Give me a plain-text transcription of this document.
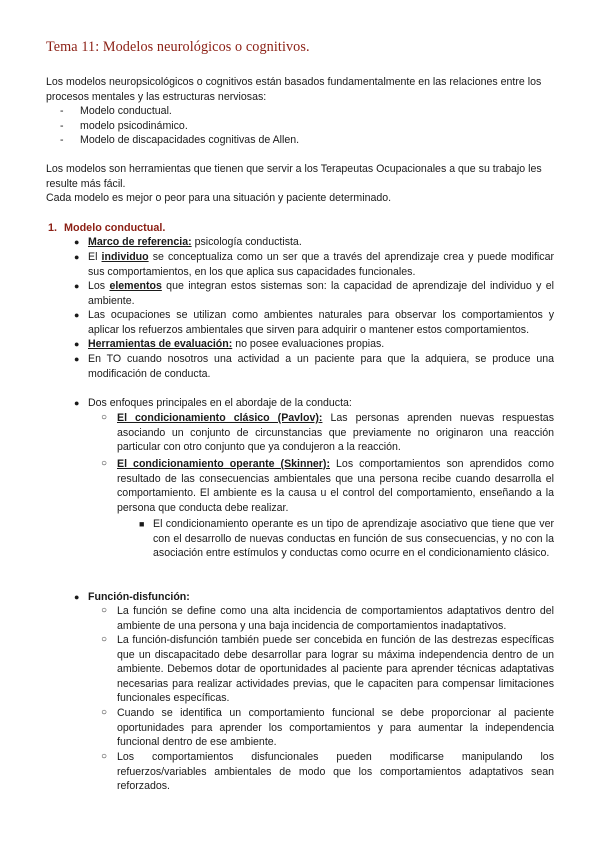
Tema 11: Modelos neurológicos o cognitivos.

Los modelos neuropsicológicos o cognitivos están basados fundamentalmente en las relaciones entre los procesos mentales y las estructuras nerviosas:

- Modelo conductual.
- modelo psicodinámico.
- Modelo de discapacidades cognitivas de Allen.

Los modelos son herramientas que tienen que servir a los Terapeutas Ocupacionales a que su trabajo les resulte más fácil.

Cada modelo es mejor o peor para una situación y paciente determinado.

1. Modelo conductual.
● Marco de referencia: psicología conductista.
● El individuo se conceptualiza como un ser que a través del aprendizaje crea y puede modificar sus comportamientos, en los que aplica sus capacidades funcionales.
● Los elementos que integran estos sistemas son: la capacidad de aprendizaje del individuo y el ambiente.
● Las ocupaciones se utilizan como ambientes naturales para observar los comportamientos y aplicar los refuerzos ambientales que sirven para adquirir o mantener estos comportamientos.
● Herramientas de evaluación: no posee evaluaciones propias.
● En TO cuando nosotros una actividad a un paciente para que la adquiera, se produce una modificación de conducta.
● Dos enfoques principales en el abordaje de la conducta:
○ El condicionamiento clásico (Pavlov): Las personas aprenden nuevas respuestas asociando un conjunto de circunstancias que previamente no originaron una reacción particular con otro conjunto que ya condujeron a la reacción.
○ El condicionamiento operante (Skinner): Los comportamientos son aprendidos como resultado de las consecuencias ambientales que una persona recibe cuando desarrolla el comportamiento. El ambiente es la causa u el control del comportamiento, enseñando a la persona que conducta debe realizar.
■ El condicionamiento operante es un tipo de aprendizaje asociativo que tiene que ver con el desarrollo de nuevas conductas en función de sus consecuencias, y no con la asociación entre estímulos y conductas como ocurre en el condicionamiento clásico.
● Función-disfunción:
○ La función se define como una alta incidencia de comportamientos adaptativos dentro del ambiente de una persona y una baja incidencia de comportamientos inadaptativos.
○ La función-disfunción también puede ser concebida en función de las destrezas específicas que un discapacitado debe desarrollar para lograr su máxima independencia dentro de un ambiente. Debemos dotar de oportunidades al paciente para aprender técnicas adaptativas necesarias para realizar actividades previas, que le capaciten para compensar limitaciones funcionales específicas.
○ Cuando se identifica un comportamiento funcional se debe proporcionar al paciente oportunidades para aprender los comportamientos y para aumentar la independencia funcional dentro de ese ambiente.
○ Los comportamientos disfuncionales pueden modificarse manipulando los refuerzos/variables ambientales de modo que los comportamientos adaptativos sean reforzados.
